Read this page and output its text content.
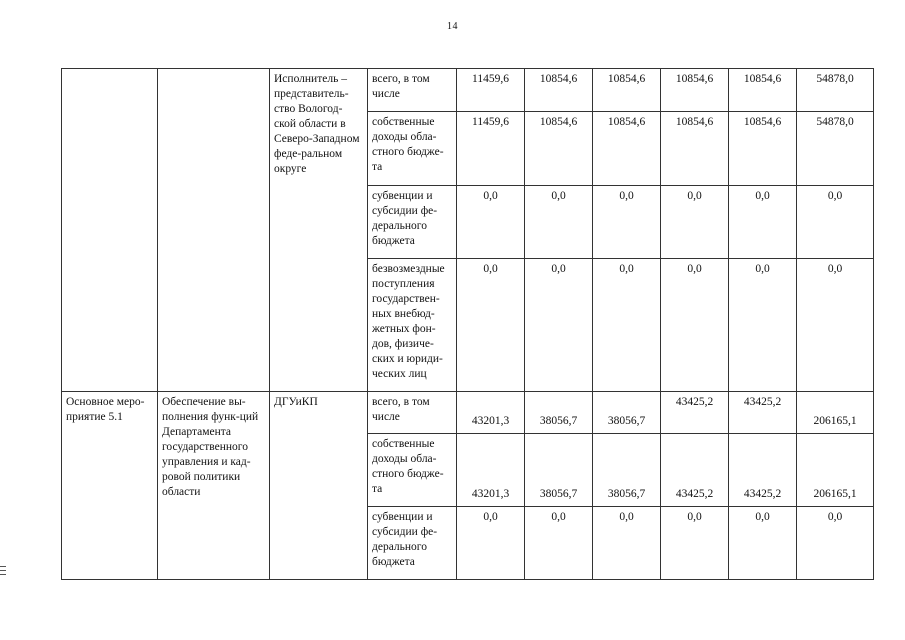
14
		Исполнитель – представитель-ство Вологод-ской области в Северо-Западном феде-ральном округе	всего, в том числе	11459,6	10854,6	10854,6	10854,6	10854,6	54878,0
			собственные доходы обла-стного бюдже-та	11459,6	10854,6	10854,6	10854,6	10854,6	54878,0
			субвенции и субсидии фе-дерального бюджета	0,0	0,0	0,0	0,0	0,0	0,0
			безвозмездные поступления государствен-ных внебюд-жетных фон-дов, физиче-ских и юриди-ческих лиц	0,0	0,0	0,0	0,0	0,0	0,0
Основное меро-приятие 5.1	Обеспечение вы-полнения функ-ций Департамента государственного управления и кад-ровой политики области	ДГУиКП	всего, в том числе	43201,3	38056,7	38056,7	43425,2	43425,2	206165,1
			собственные доходы обла-стного бюдже-та	43201,3	38056,7	38056,7	43425,2	43425,2	206165,1
			субвенции и субсидии фе-дерального бюджета	0,0	0,0	0,0	0,0	0,0	0,0
